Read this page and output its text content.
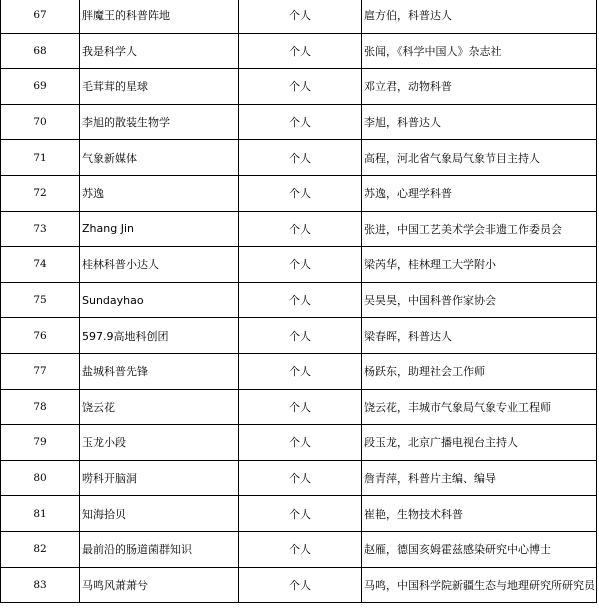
67	胖魔王的科普阵地	个人	扈方伯，科普达人
68	我是科学人	个人	张闻，《科学中国人》杂志社
69	毛茸茸的星球	个人	邓立君，动物科普
70	李旭的散装生物学	个人	李旭，科普达人
71	气象新媒体	个人	高程，河北省气象局气象节目主持人
72	苏逸	个人	苏逸，心理学科普
73	Zhang Jin	个人	张进，中国工艺美术学会非遗工作委员会
74	桂林科普小达人	个人	梁芮华，桂林理工大学附小
75	Sundayhao	个人	吴昊昊，中国科普作家协会
76	597.9高地科创团	个人	梁春晖，科普达人
77	盐城科普先锋	个人	杨跃东，助理社会工作师
78	饶云花	个人	饶云花，丰城市气象局气象专业工程师
79	玉龙小段	个人	段玉龙，北京广播电视台主持人
80	唠科开脑洞	个人	詹青萍，科普片主编、编导
81	知海拾贝	个人	崔艳，生物技术科普
82	最前沿的肠道菌群知识	个人	赵雁，德国亥姆霍兹感染研究中心博士
83	马鸣风萧萧兮	个人	马鸣，中国科学院新疆生态与地理研究所研究员
